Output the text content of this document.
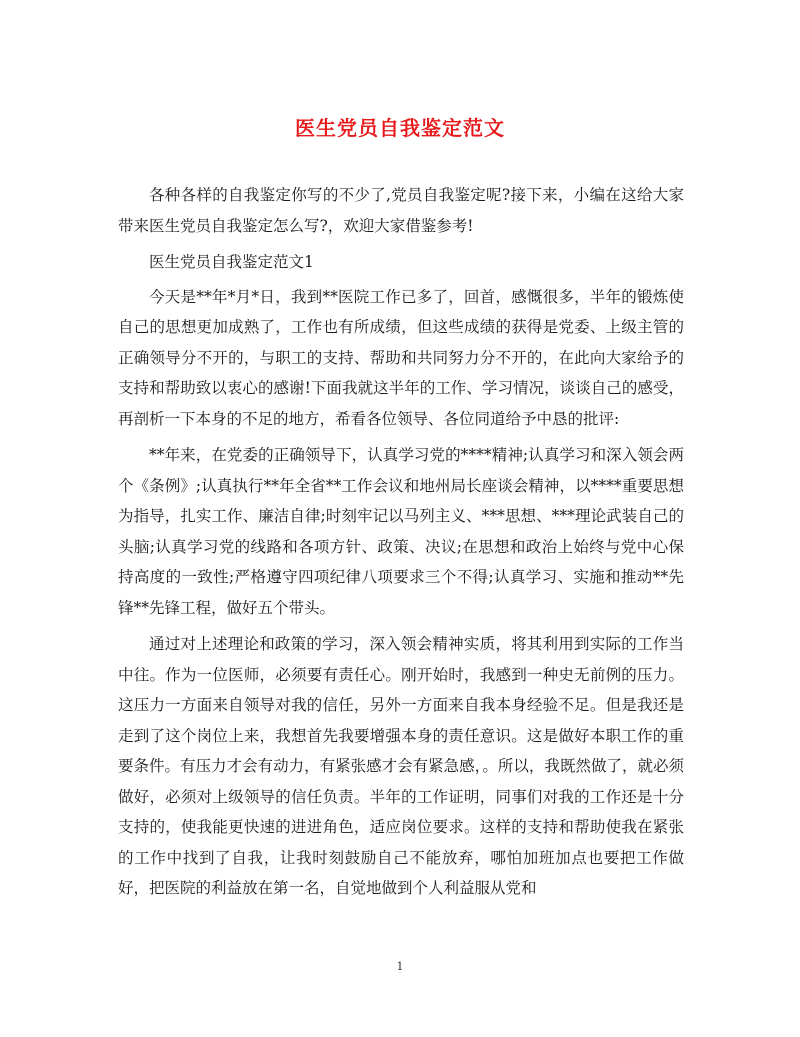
医生党员自我鉴定范文

各种各样的自我鉴定你写的不少了,党员自我鉴定呢?接下来，小编在这给大家带来医生党员自我鉴定怎么写?，欢迎大家借鉴参考!

医生党员自我鉴定范文1

今天是**年*月*日，我到**医院工作已多了，回首，感慨很多，半年的锻炼使自己的思想更加成熟了，工作也有所成绩，但这些成绩的获得是党委、上级主管的正确领导分不开的，与职工的支持、帮助和共同努力分不开的，在此向大家给予的支持和帮助致以衷心的感谢!下面我就这半年的工作、学习情况，谈谈自己的感受，再剖析一下本身的不足的地方，希看各位领导、各位同道给予中恳的批评:

**年来，在党委的正确领导下，认真学习党的****精神;认真学习和深入领会两个《条例》;认真执行**年全省**工作会议和地州局长座谈会精神，以****重要思想为指导，扎实工作、廉洁自律;时刻牢记以马列主义、***思想、***理论武装自己的头脑;认真学习党的线路和各项方针、政策、决议;在思想和政治上始终与党中心保持高度的一致性;严格遵守四项纪律八项要求三个不得;认真学习、实施和推动**先锋**先锋工程，做好五个带头。

通过对上述理论和政策的学习，深入领会精神实质，将其利用到实际的工作当中往。作为一位医师，必须要有责任心。刚开始时，我感到一种史无前例的压力。这压力一方面来自领导对我的信任，另外一方面来自我本身经验不足。但是我还是走到了这个岗位上来，我想首先我要增强本身的责任意识。这是做好本职工作的重要条件。有压力才会有动力，有紧张感才会有紧急感，。所以，我既然做了，就必须做好，必须对上级领导的信任负责。半年的工作证明，同事们对我的工作还是十分支持的，使我能更快速的进进角色，适应岗位要求。这样的支持和帮助使我在紧张的工作中找到了自我，让我时刻鼓励自己不能放弃，哪怕加班加点也要把工作做好，把医院的利益放在第一名，自觉地做到个人利益服从党和

1
